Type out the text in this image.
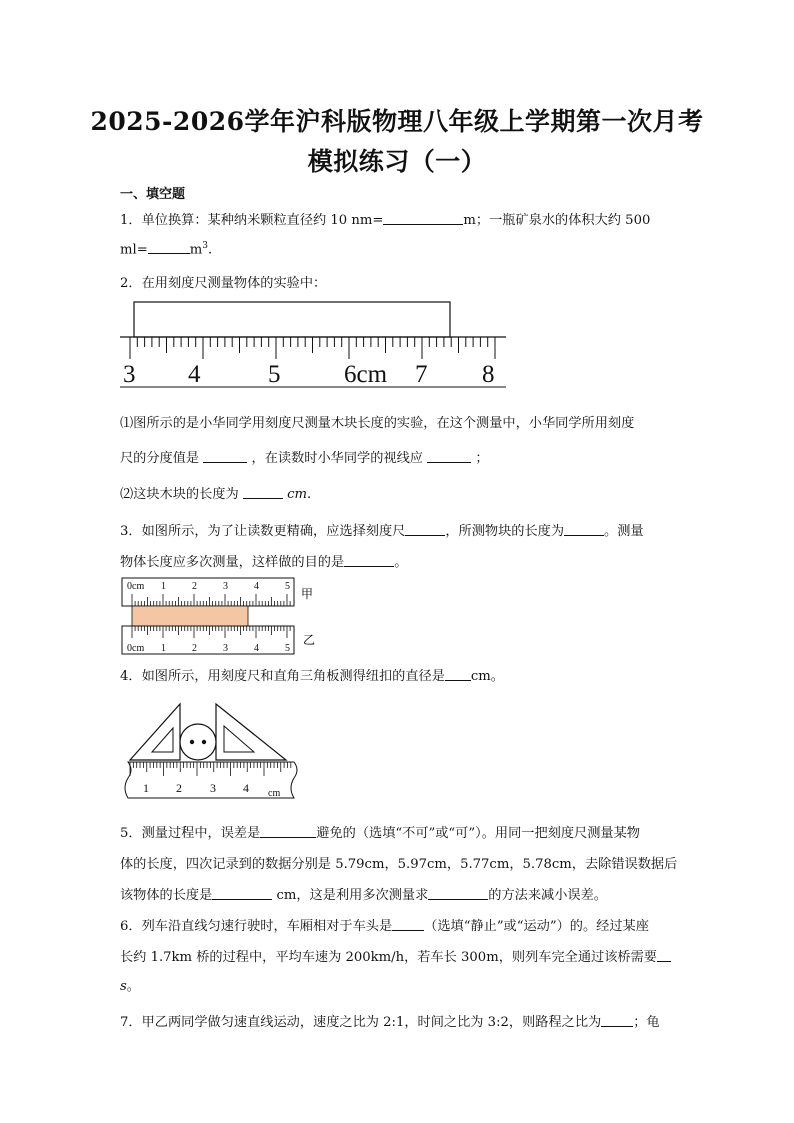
2025-2026学年沪科版物理八年级上学期第一次月考
模拟练习（一）
一、填空题
1．单位换算：某种纳米颗粒直径约 10 nm=	m；一瓶矿泉水的体积大约 500
ml=	$m^3$.
2．在用刻度尺测量物体的实验中：
3 4	5	6cm 7 8
⑴图所示的是小华同学用刻度尺测量木块长度的实验，在这个测量中，小华同学所用刻度
尺的分度值是	，在读数时小华同学的视线应	；
⑵这块木块的长度为	cm.
3．如图所示，为了让读数更精确，应选择刻度尺	，所测物块的长度为	。测量
物体长度应多次测量，这样做的目的是	。
0cm 1	2	3	4	5
0cm 1	2	3	4	5
甲
乙
4．如图所示，用刻度尺和直角三角板测得纽扣的直径是 cm。
1 2 3 4 cm
5．测量过程中，误差是	避免的（选填“不可”或“可”）。用同一把刻度尺测量某物
体的长度，四次记录到的数据分别是 5.79cm，5.97cm，5.77cm，5.78cm，去除错误数据后
该物体的长度是	cm，这是利用多次测量求	的方法来减小误差。
6．列车沿直线匀速行驶时，车厢相对于车头是 （选填“静止”或“运动”）的。经过某座
长约 1.7km 桥的过程中，平均车速为 200km/h，若车长 300m，则列车完全通过该桥需要
s。
7．甲乙两同学做匀速直线运动，速度之比为 2:1，时间之比为 3:2，则路程之比为 ；龟
